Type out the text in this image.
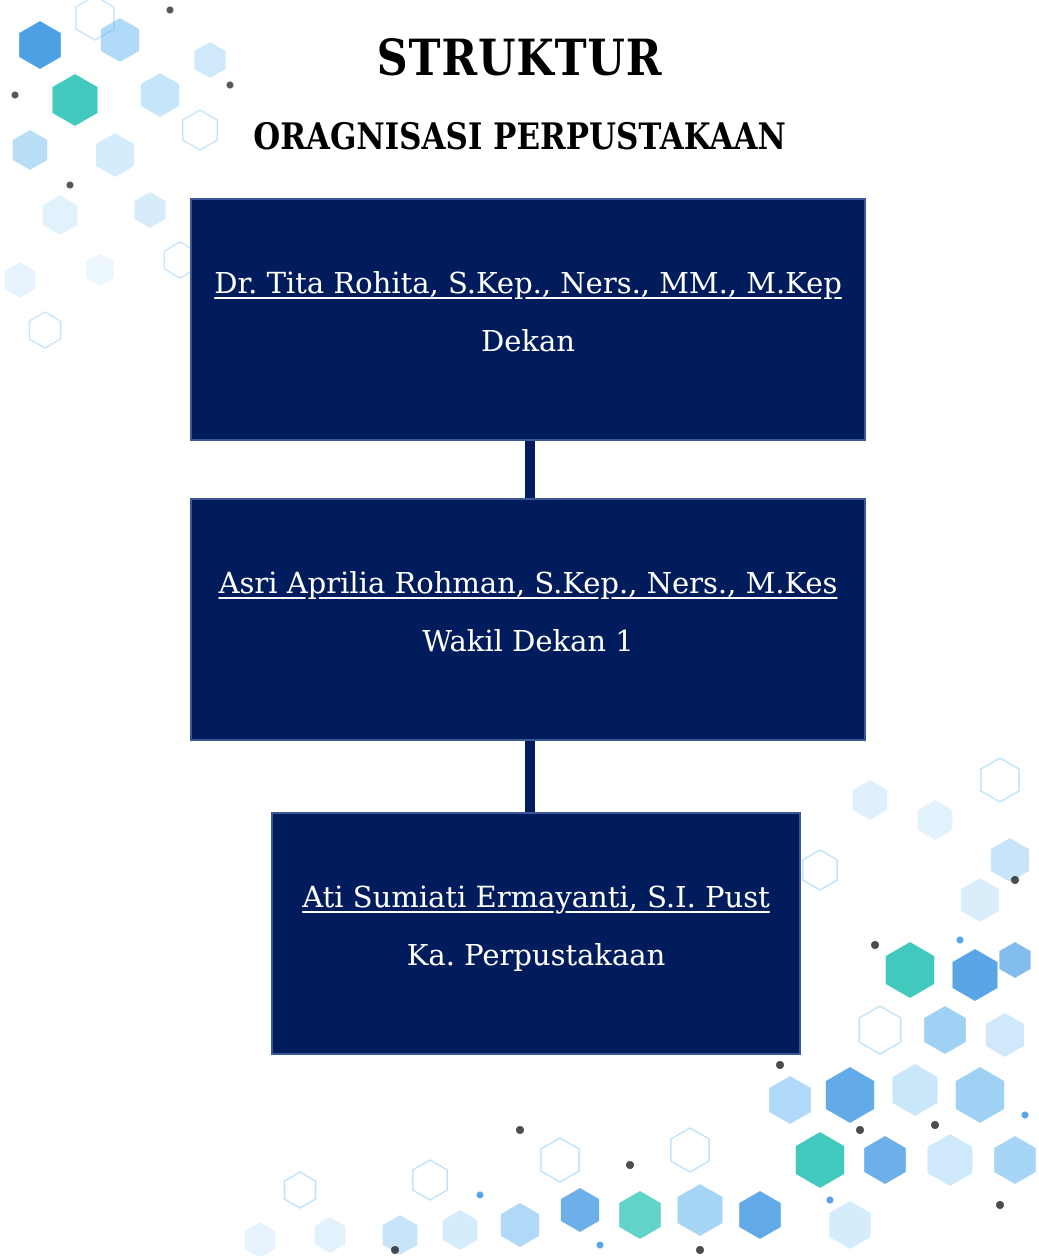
STRUKTUR
ORAGNISASI PERPUSTAKAAN
Dr. Tita Rohita, S.Kep., Ners., MM., M.Kep
Dekan
Asri Aprilia Rohman, S.Kep., Ners., M.Kes
Wakil Dekan 1
Ati Sumiati Ermayanti, S.I. Pust
Ka. Perpustakaan
